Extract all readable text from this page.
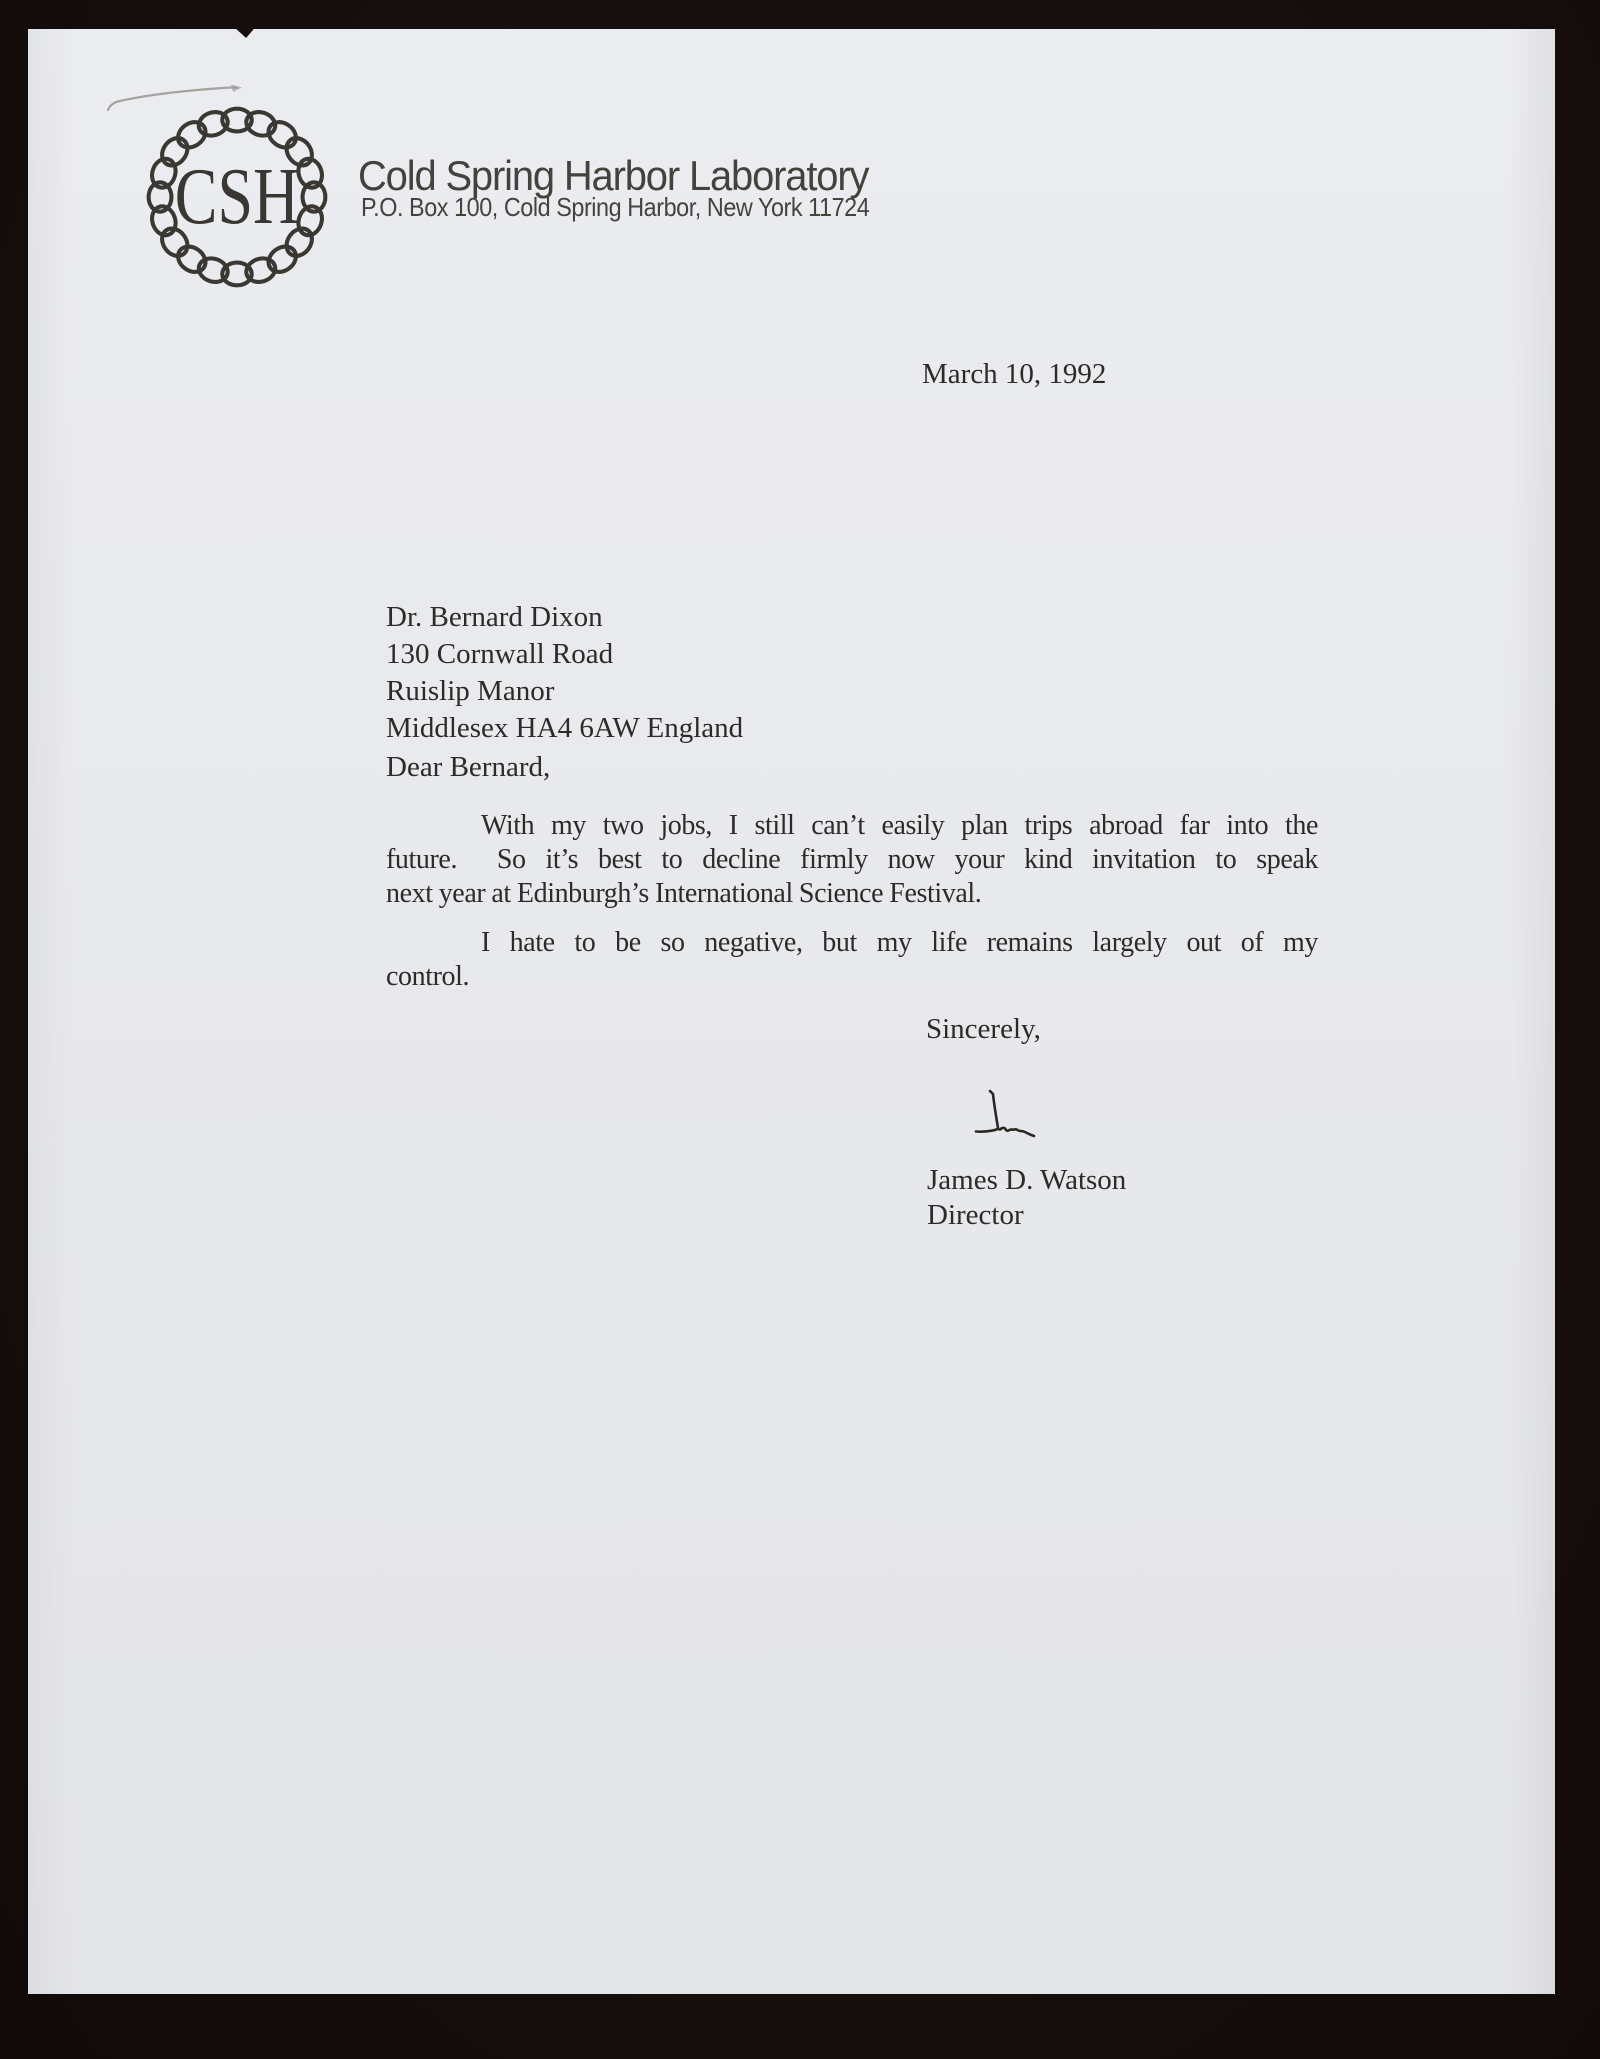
CSH	Cold Spring Harbor Laboratory
P.O. Box 100, Cold Spring Harbor, New York 11724
March 10, 1992
Dr. Bernard Dixon
130 Cornwall Road
Ruislip Manor
Middlesex HA4 6AW England
Dear Bernard,
With my two jobs, I still can’t easily plan trips abroad far into the
future.  So it’s best to decline firmly now your kind invitation to speak
next year at Edinburgh’s International Science Festival.
I hate to be so negative, but my life remains largely out of my
control.
Sincerely,
James D. Watson
Director
